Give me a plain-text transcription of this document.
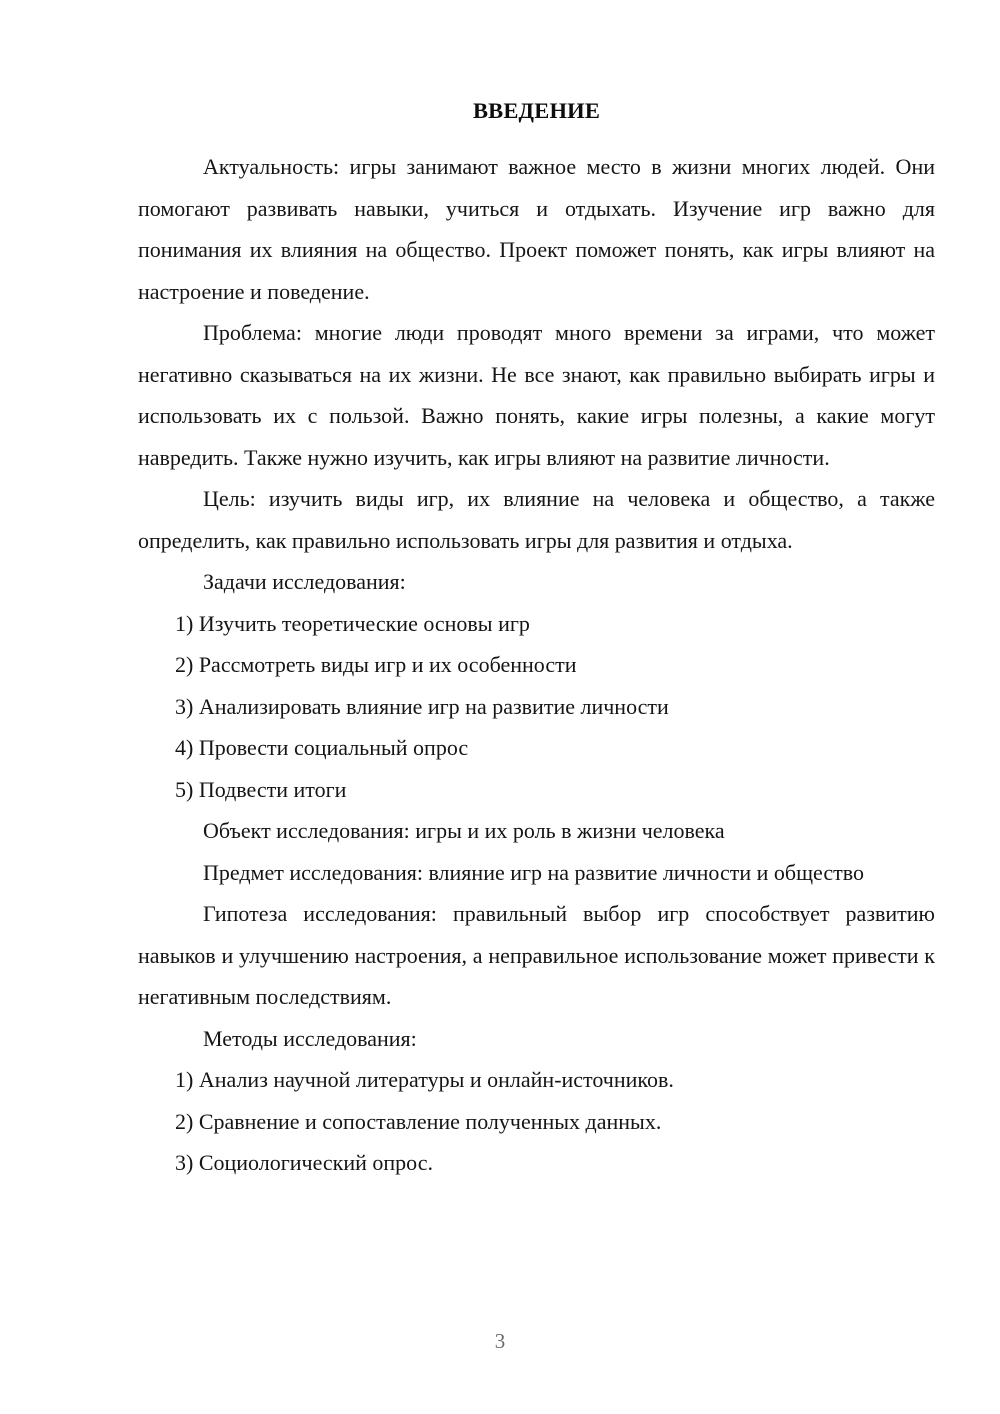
ВВЕДЕНИЕ

Актуальность: игры занимают важное место в жизни многих людей. Они помогают развивать навыки, учиться и отдыхать. Изучение игр важно для понимания их влияния на общество. Проект поможет понять, как игры влияют на настроение и поведение.

Проблема: многие люди проводят много времени за играми, что может негативно сказываться на их жизни. Не все знают, как правильно выбирать игры и использовать их с пользой. Важно понять, какие игры полезны, а какие могут навредить. Также нужно изучить, как игры влияют на развитие личности.

Цель: изучить виды игр, их влияние на человека и общество, а также определить, как правильно использовать игры для развития и отдыха.

Задачи исследования:

1) Изучить теоретические основы игр

2) Рассмотреть виды игр и их особенности

3) Анализировать влияние игр на развитие личности

4) Провести социальный опрос

5) Подвести итоги

Объект исследования: игры и их роль в жизни человека

Предмет исследования: влияние игр на развитие личности и общество

Гипотеза исследования: правильный выбор игр способствует развитию навыков и улучшению настроения, а неправильное использование может привести к негативным последствиям.

Методы исследования:

1) Анализ научной литературы и онлайн-источников.

2) Сравнение и сопоставление полученных данных.

3) Социологический опрос.

3
